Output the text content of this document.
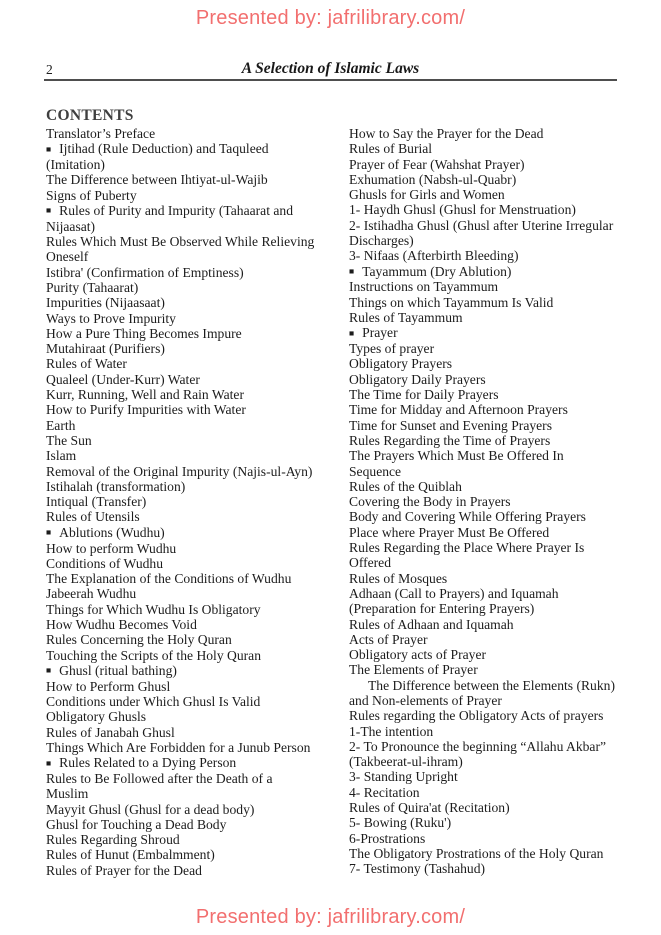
Presented by: jafrilibrary.com/
2	A Selection of Islamic Laws
CONTENTS
Translator’s Preface
■ Ijtihad (Rule Deduction) and Taquleed
(Imitation)
The Difference between Ihtiyat-ul-Wajib
Signs of Puberty
■ Rules of Purity and Impurity (Tahaarat and
Nijaasat)
Rules Which Must Be Observed While Relieving
Oneself
Istibra' (Confirmation of Emptiness)
Purity (Tahaarat)
Impurities (Nijaasaat)
Ways to Prove Impurity
How a Pure Thing Becomes Impure
Mutahiraat (Purifiers)
Rules of Water
Qualeel (Under-Kurr) Water
Kurr, Running, Well and Rain Water
How to Purify Impurities with Water
Earth
The Sun
Islam
Removal of the Original Impurity (Najis-ul-Ayn)
Istihalah (transformation)
Intiqual (Transfer)
Rules of Utensils
■ Ablutions (Wudhu)
How to perform Wudhu
Conditions of Wudhu
The Explanation of the Conditions of Wudhu
Jabeerah Wudhu
Things for Which Wudhu Is Obligatory
How Wudhu Becomes Void
Rules Concerning the Holy Quran
Touching the Scripts of the Holy Quran
■ Ghusl (ritual bathing)
How to Perform Ghusl
Conditions under Which Ghusl Is Valid
Obligatory Ghusls
Rules of Janabah Ghusl
Things Which Are Forbidden for a Junub Person
■ Rules Related to a Dying Person
Rules to Be Followed after the Death of a
Muslim
Mayyit Ghusl (Ghusl for a dead body)
Ghusl for Touching a Dead Body
Rules Regarding Shroud
Rules of Hunut (Embalmment)
Rules of Prayer for the Dead
How to Say the Prayer for the Dead
Rules of Burial
Prayer of Fear (Wahshat Prayer)
Exhumation (Nabsh-ul-Quabr)
Ghusls for Girls and Women
1- Haydh Ghusl (Ghusl for Menstruation)
2- Istihadha Ghusl (Ghusl after Uterine Irregular
Discharges)
3- Nifaas (Afterbirth Bleeding)
■ Tayammum (Dry Ablution)
Instructions on Tayammum
Things on which Tayammum Is Valid
Rules of Tayammum
■ Prayer
Types of prayer
Obligatory Prayers
Obligatory Daily Prayers
The Time for Daily Prayers
Time for Midday and Afternoon Prayers
Time for Sunset and Evening Prayers
Rules Regarding the Time of Prayers
The Prayers Which Must Be Offered In
Sequence
Rules of the Quiblah
Covering the Body in Prayers
Body and Covering While Offering Prayers
Place where Prayer Must Be Offered
Rules Regarding the Place Where Prayer Is
Offered
Rules of Mosques
Adhaan (Call to Prayers) and Iquamah
(Preparation for Entering Prayers)
Rules of Adhaan and Iquamah
Acts of Prayer
Obligatory acts of Prayer
The Elements of Prayer
The Difference between the Elements (Rukn)
and Non-elements of Prayer
Rules regarding the Obligatory Acts of prayers
1-The intention
2- To Pronounce the beginning “Allahu Akbar”
(Takbeerat-ul-ihram)
3- Standing Upright
4- Recitation
Rules of Quira'at (Recitation)
5- Bowing (Ruku')
6-Prostrations
The Obligatory Prostrations of the Holy Quran
7- Testimony (Tashahud)
Presented by: jafrilibrary.com/
